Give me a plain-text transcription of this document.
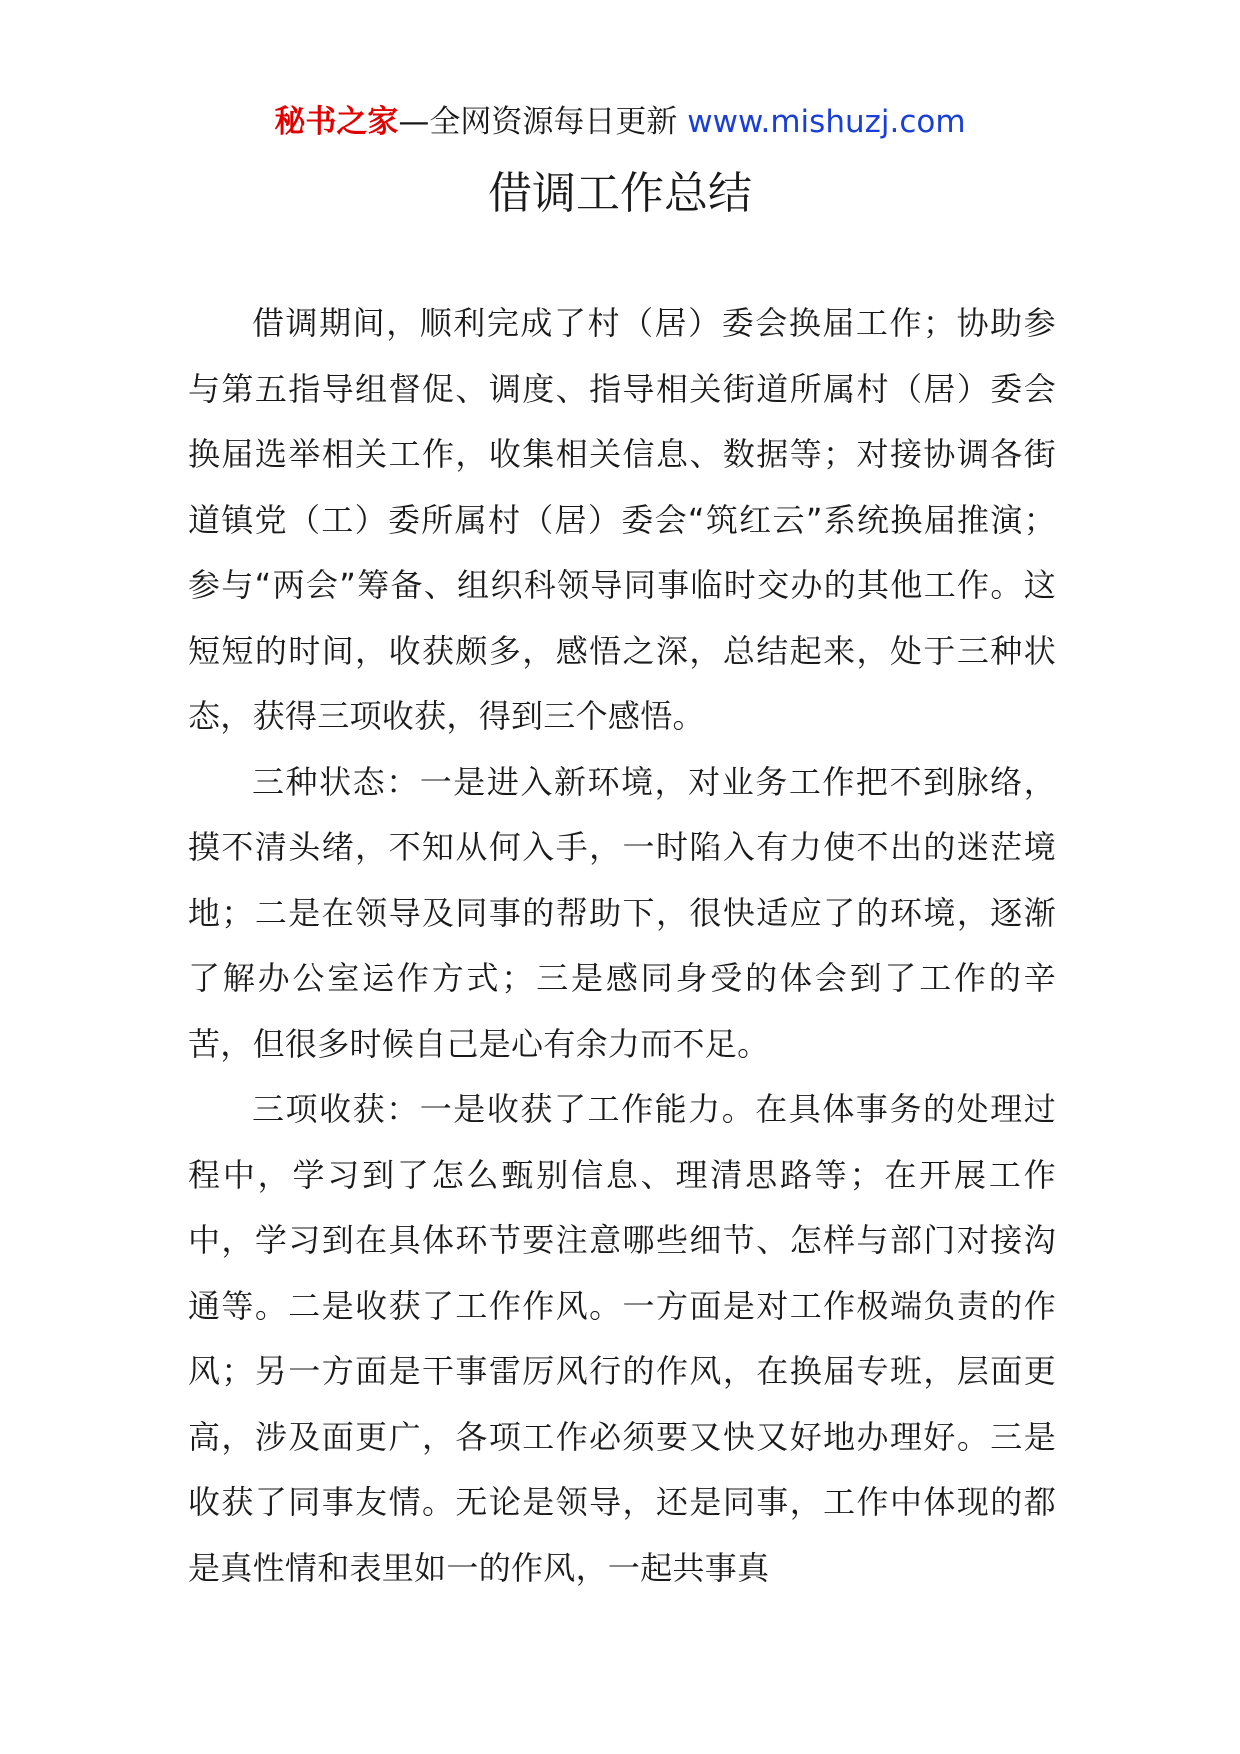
秘书之家—全网资源每日更新 www.mishuzj.com
借调工作总结

借调期间，顺利完成了村（居）委会换届工作；协助参与第五指导组督促、调度、指导相关街道所属村（居）委会换届选举相关工作，收集相关信息、数据等；对接协调各街道镇党（工）委所属村（居）委会“筑红云”系统换届推演；参与“两会”筹备、组织科领导同事临时交办的其他工作。这短短的时间，收获颇多，感悟之深，总结起来，处于三种状态，获得三项收获，得到三个感悟。

三种状态：一是进入新环境，对业务工作把不到脉络，摸不清头绪，不知从何入手，一时陷入有力使不出的迷茫境地；二是在领导及同事的帮助下，很快适应了的环境，逐渐了解办公室运作方式；三是感同身受的体会到了工作的辛苦，但很多时候自己是心有余力而不足。

三项收获：一是收获了工作能力。在具体事务的处理过程中，学习到了怎么甄别信息、理清思路等；在开展工作中，学习到在具体环节要注意哪些细节、怎样与部门对接沟通等。二是收获了工作作风。一方面是对工作极端负责的作风；另一方面是干事雷厉风行的作风，在换届专班，层面更高，涉及面更广，各项工作必须要又快又好地办理好。三是收获了同事友情。无论是领导，还是同事，工作中体现的都是真性情和表里如一的作风，一起共事真
